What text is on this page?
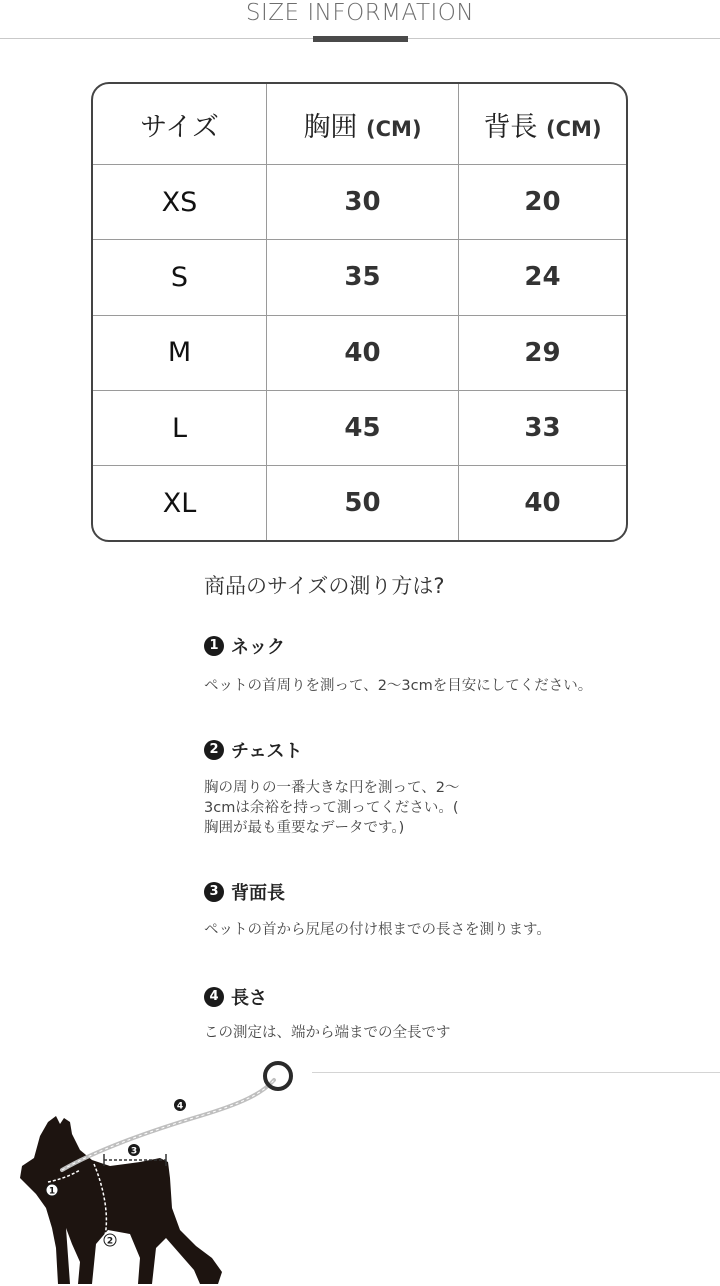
SIZE INFORMATION
サイズ	胸囲 (CM)	背長 (CM)
XS	30	20
S	35	24
M	40	29
L	45	33
XL	50	40
商品のサイズの測り方は?
1 ネック
ペットの首周りを測って、2〜3cmを目安にしてください。
2 チェスト
胸の周りの一番大きな円を測って、2〜
3cmは余裕を持って測ってください。(
胸囲が最も重要なデータです。)
3 背面長
ペットの首から尻尾の付け根までの長さを測ります。
4 長さ
この測定は、端から端までの全長です
1
2
3
4
